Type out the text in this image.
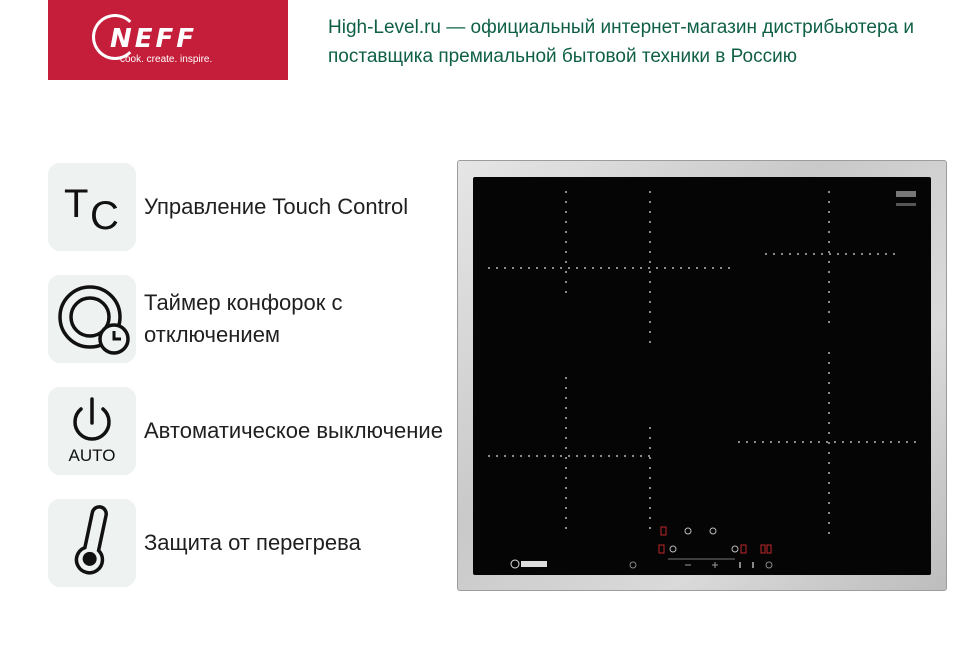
NEFF
cook. create. inspire.
High-Level.ru — официальный интернет-магазин дистрибьютера и поставщика премиальной бытовой техники в Россию
T C Управление Touch Control
Таймер конфорок с отключением
AUTO
Автоматическое выключение
Защита от перегрева
